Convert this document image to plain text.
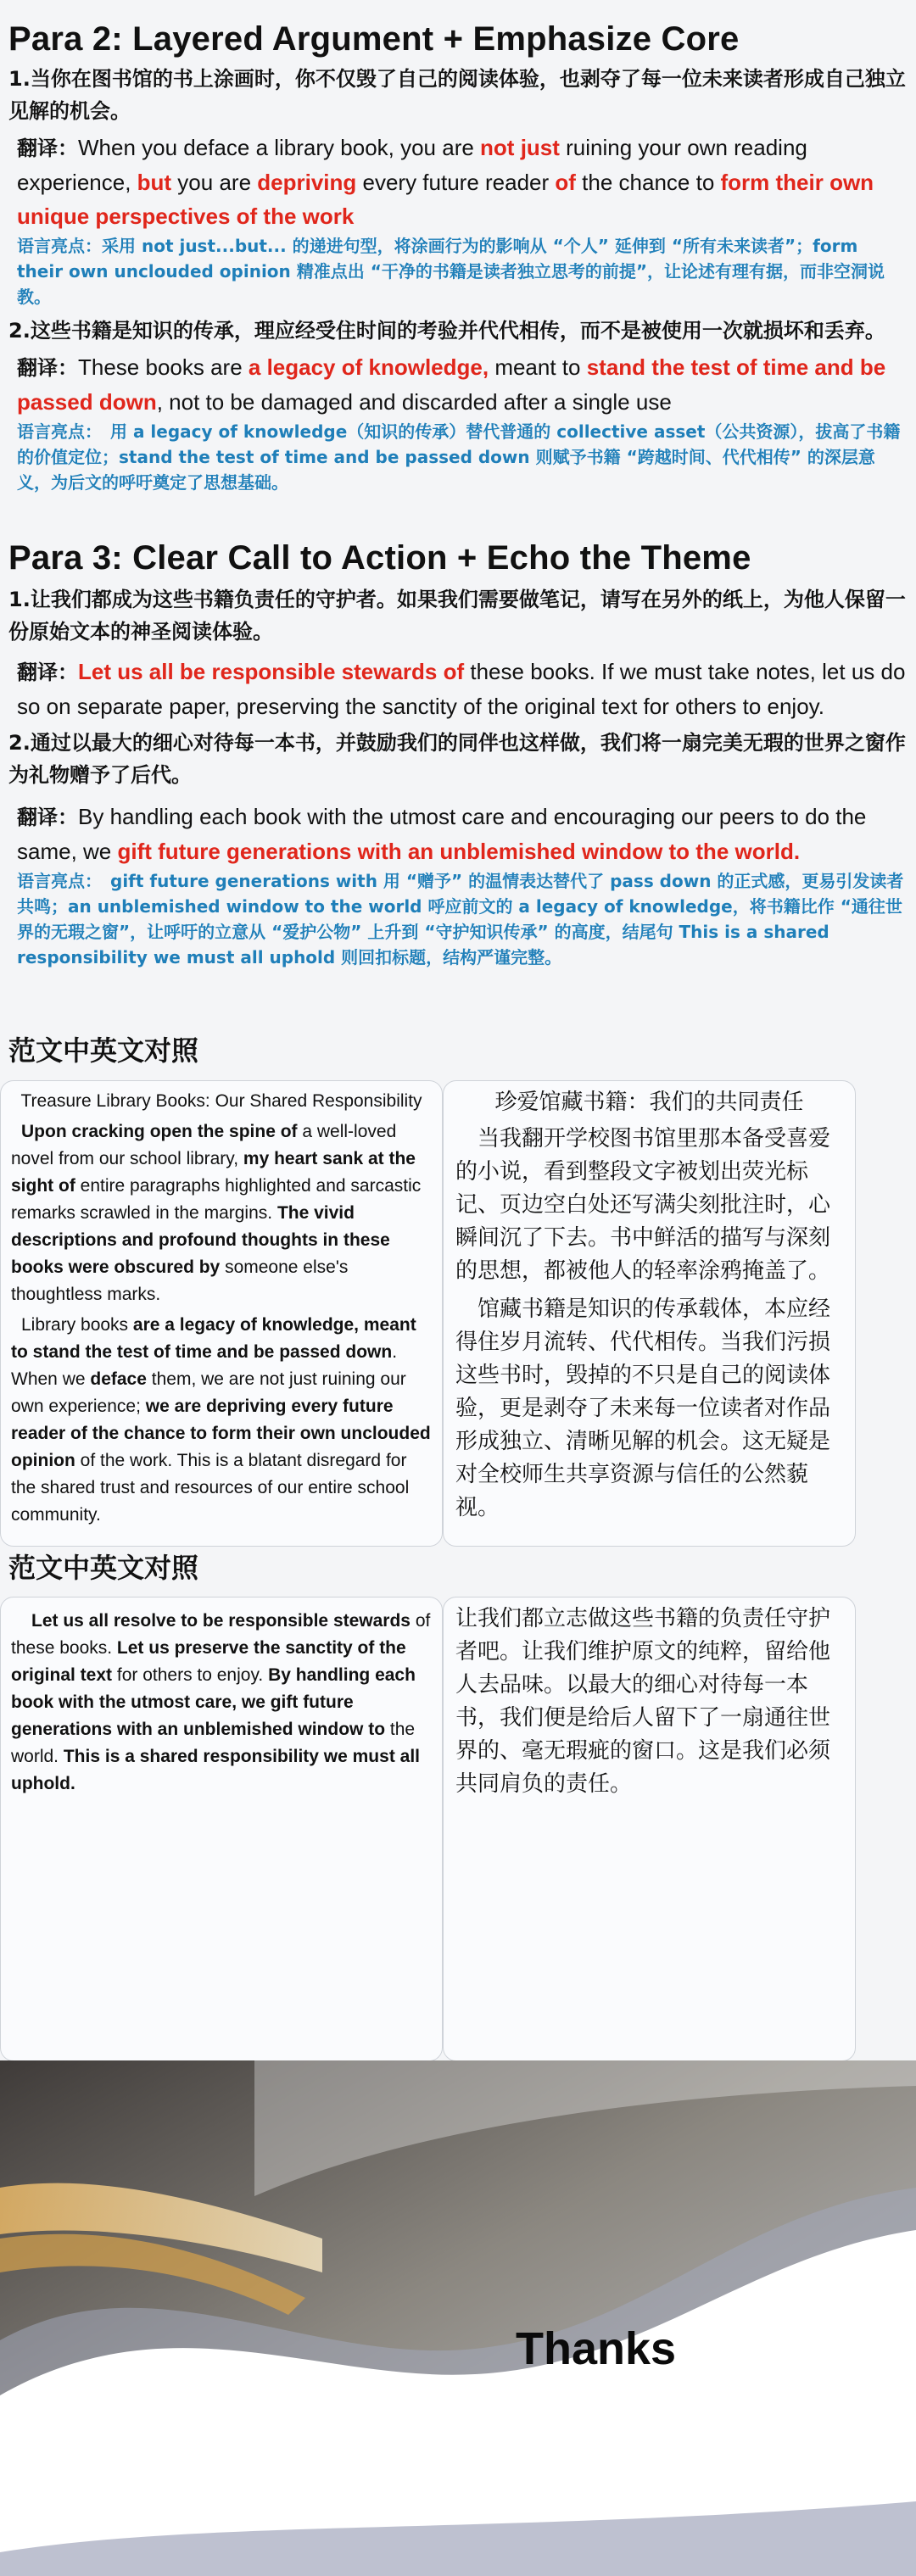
Para 2: Layered Argument + Emphasize Core

1.当你在图书馆的书上涂画时，你不仅毁了自己的阅读体验，也剥夺了每一位未来读者形成自己独立见解的机会。

翻译：When you deface a library book, you are not just ruining your own reading experience, but you are depriving every future reader of the chance to form their own unique perspectives of the work

语言亮点：采用 not just...but... 的递进句型，将涂画行为的影响从 “个人” 延伸到 “所有未来读者”；form their own unclouded opinion 精准点出 “干净的书籍是读者独立思考的前提”，让论述有理有据，而非空洞说教。

2.这些书籍是知识的传承，理应经受住时间的考验并代代相传，而不是被使用一次就损坏和丢弃。

翻译：These books are a legacy of knowledge, meant to stand the test of time and be passed down, not to be damaged and discarded after a single use

语言亮点：　用 a legacy of knowledge（知识的传承）替代普通的 collective asset（公共资源），拔高了书籍的价值定位；stand the test of time and be passed down 则赋予书籍 “跨越时间、代代相传” 的深层意义，为后文的呼吁奠定了思想基础。

Para 3: Clear Call to Action + Echo the Theme

1.让我们都成为这些书籍负责任的守护者。如果我们需要做笔记，请写在另外的纸上，为他人保留一份原始文本的神圣阅读体验。

翻译：Let us all be responsible stewards of these books. If we must take notes, let us do so on separate paper, preserving the sanctity of the original text for others to enjoy.

2.通过以最大的细心对待每一本书，并鼓励我们的同伴也这样做，我们将一扇完美无瑕的世界之窗作为礼物赠予了后代。

翻译：By handling each book with the utmost care and encouraging our peers to do the same, we gift future generations with an unblemished window to the world.

语言亮点：　gift future generations with 用 “赠予” 的温情表达替代了 pass down 的正式感，更易引发读者共鸣；an unblemished window to the world 呼应前文的 a legacy of knowledge，将书籍比作 “通往世界的无瑕之窗”，让呼吁的立意从 “爱护公物” 上升到 “守护知识传承” 的高度，结尾句 This is a shared responsibility we must all uphold 则回扣标题，结构严谨完整。

范文中英文对照

Treasure Library Books: Our Shared Responsibility
Upon cracking open the spine of a well-loved novel from our school library, my heart sank at the sight of entire paragraphs highlighted and sarcastic remarks scrawled in the margins. The vivid descriptions and profound thoughts in these books were obscured by someone else's thoughtless marks.
Library books are a legacy of knowledge, meant to stand the test of time and be passed down. When we deface them, we are not just ruining our own experience; we are depriving every future reader of the chance to form their own unclouded opinion of the work. This is a blatant disregard for the shared trust and resources of our entire school community.
珍爱馆藏书籍：我们的共同责任
当我翻开学校图书馆里那本备受喜爱的小说，看到整段文字被划出荧光标记、页边空白处还写满尖刻批注时，心瞬间沉了下去。书中鲜活的描写与深刻的思想，都被他人的轻率涂鸦掩盖了。
馆藏书籍是知识的传承载体，本应经得住岁月流转、代代相传。当我们污损这些书时，毁掉的不只是自己的阅读体验，更是剥夺了未来每一位读者对作品形成独立、清晰见解的机会。这无疑是对全校师生共享资源与信任的公然藐视。

范文中英文对照

Let us all resolve to be responsible stewards of these books. Let us preserve the sanctity of the original text for others to enjoy. By handling each book with the utmost care, we gift future generations with an unblemished window to the world. This is a shared responsibility we must all uphold.
让我们都立志做这些书籍的负责任守护者吧。让我们维护原文的纯粹，留给他人去品味。以最大的细心对待每一本书，我们便是给后人留下了一扇通往世界的、毫无瑕疵的窗口。这是我们必须共同肩负的责任。
Thanks
